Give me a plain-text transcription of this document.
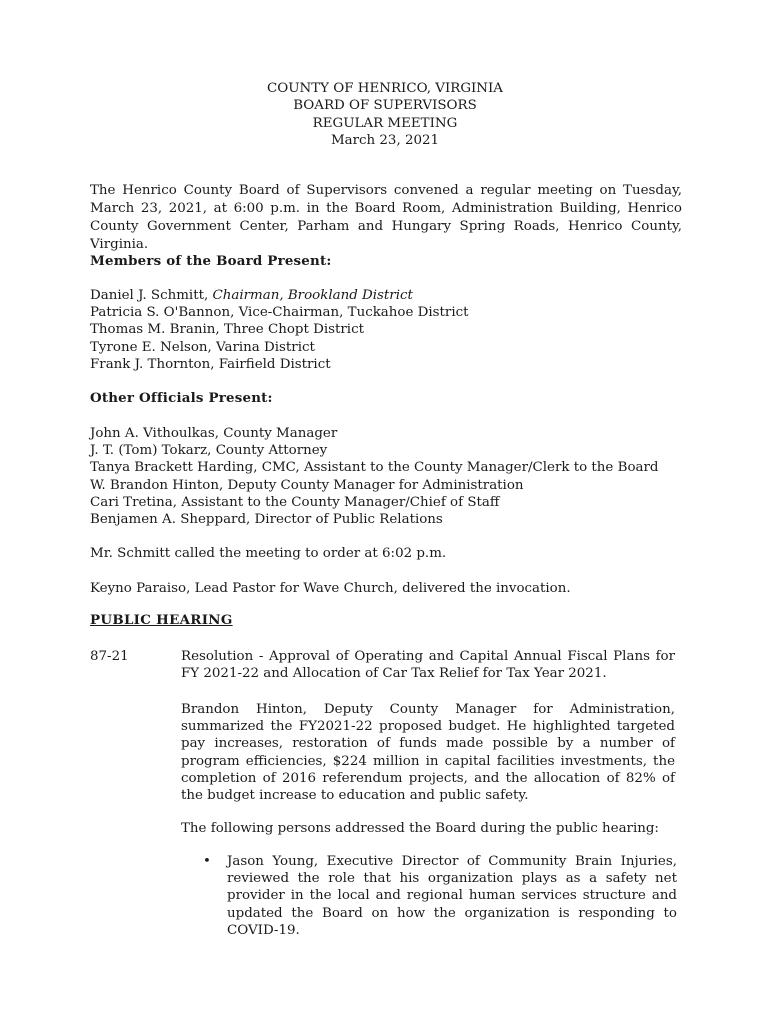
COUNTY OF HENRICO, VIRGINIA
BOARD OF SUPERVISORS
REGULAR MEETING
March 23, 2021
The Henrico County Board of Supervisors convened a regular meeting on Tuesday, March 23, 2021, at 6:00 p.m. in the Board Room, Administration Building, Henrico County Government Center, Parham and Hungary Spring Roads, Henrico County, Virginia.
Members of the Board Present:
Daniel J. Schmitt, Chairman, Brookland District
Patricia S. O'Bannon, Vice-Chairman, Tuckahoe District
Thomas M. Branin, Three Chopt District
Tyrone E. Nelson, Varina District
Frank J. Thornton, Fairfield District
Other Officials Present:
John A. Vithoulkas, County Manager
J. T. (Tom) Tokarz, County Attorney
Tanya Brackett Harding, CMC, Assistant to the County Manager/Clerk to the Board
W. Brandon Hinton, Deputy County Manager for Administration
Cari Tretina, Assistant to the County Manager/Chief of Staff
Benjamen A. Sheppard, Director of Public Relations
Mr. Schmitt called the meeting to order at 6:02 p.m.
Keyno Paraiso, Lead Pastor for Wave Church, delivered the invocation.
PUBLIC HEARING
87-21	Resolution - Approval of Operating and Capital Annual Fiscal Plans for FY 2021-22 and Allocation of Car Tax Relief for Tax Year 2021.
Brandon Hinton, Deputy County Manager for Administration, summarized the FY2021-22 proposed budget. He highlighted targeted pay increases, restoration of funds made possible by a number of program efficiencies, $224 million in capital facilities investments, the completion of 2016 referendum projects, and the allocation of 82% of the budget increase to education and public safety.
The following persons addressed the Board during the public hearing:
•	Jason Young, Executive Director of Community Brain Injuries, reviewed the role that his organization plays as a safety net provider in the local and regional human services structure and updated the Board on how the organization is responding to COVID-19.
